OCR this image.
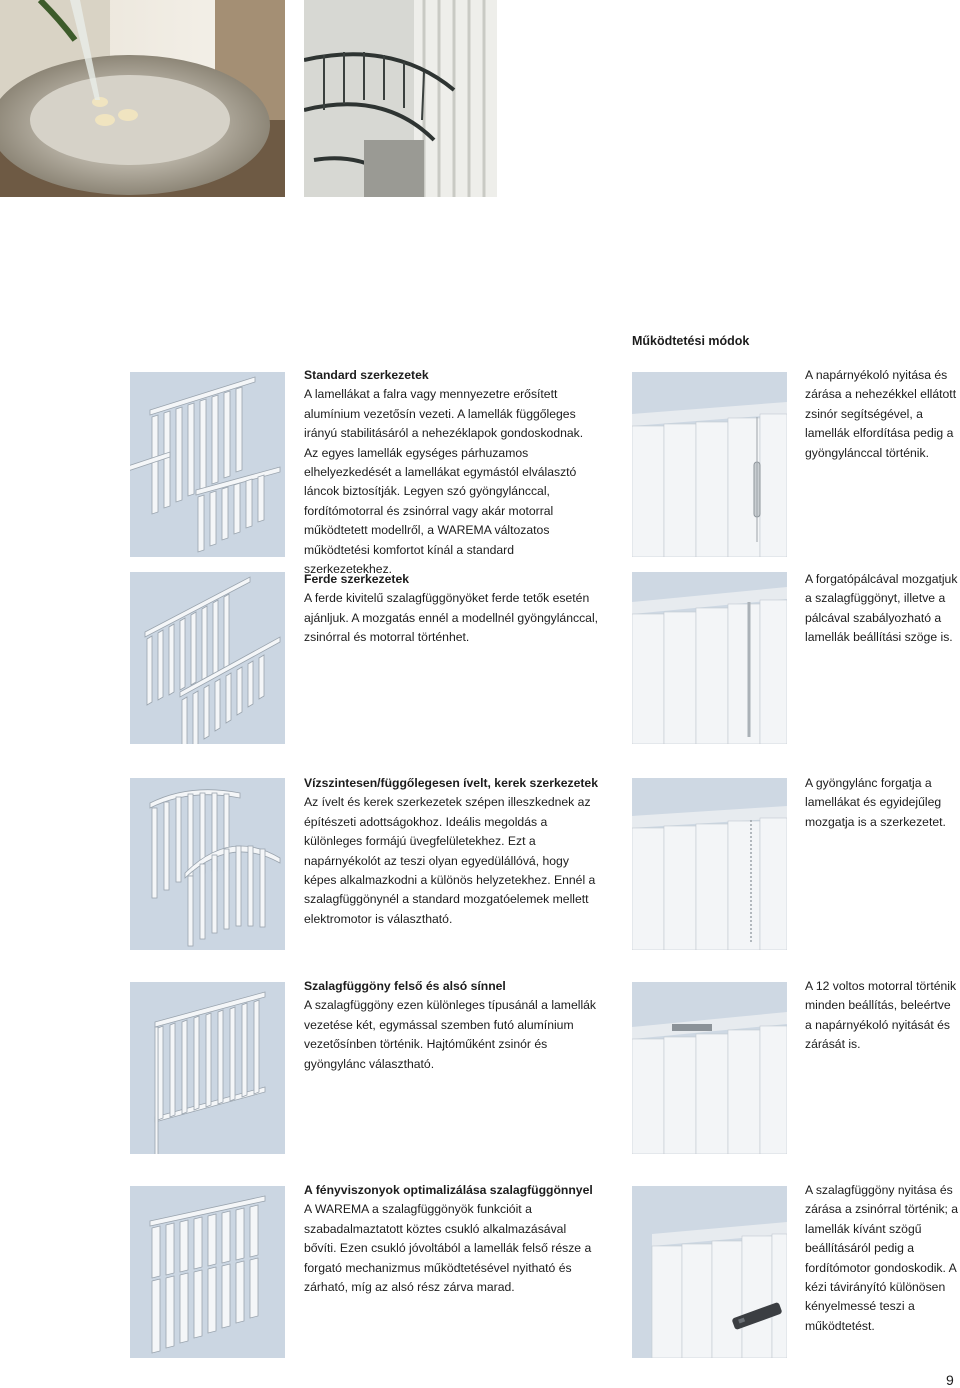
Működtetési módok
Standard szerkezetek

A lamellákat a falra vagy mennyezetre erősített alumínium vezetősín vezeti. A lamellák függőleges irányú stabilitásáról a nehezéklapok gondoskodnak. Az egyes lamellák egységes párhuzamos elhelyezkedését a lamellákat egymástól elválasztó láncok biztosítják. Legyen szó gyöngylánccal, fordítómotorral és zsinórral vagy akár motorral működtetett modellről, a WAREMA változatos működtetési komfortot kínál a standard szerkezetekhez.

A napárnyékoló nyitása és zárása a nehezékkel ellátott zsinór segítségével, a lamellák elfordítása pedig a gyöngylánccal történik.

Ferde szerkezetek

A ferde kivitelű szalagfüggönyöket ferde tetők esetén ajánljuk. A mozgatás ennél a modellnél gyöngylánccal, zsinórral és motorral történhet.

A forgatópálcával mozgatjuk a szalagfüggönyt, illetve a pálcával szabályozható a lamellák beállítási szöge is.

Vízszintesen/függőlegesen ívelt, kerek szerkezetek

Az ívelt és kerek szerkezetek szépen illeszkednek az építészeti adottságokhoz. Ideális megoldás a különleges formájú üvegfelületekhez. Ezt a napárnyékolót az teszi olyan egyedülállóvá, hogy képes alkalmazkodni a különös helyzetekhez. Ennél a szalagfüggönynél a standard mozgatóelemek mellett elektromotor is választható.

A gyöngylánc forgatja a lamellákat és egyidejűleg mozgatja is a szerkezetet.

Szalagfüggöny felső és alsó sínnel

A szalagfüggöny ezen különleges típusánál a lamellák vezetése két, egymással szemben futó alumínium vezetősínben történik. Hajtóműként zsinór és gyöngylánc választható.

A 12 voltos motorral történik minden beállítás, beleértve a napárnyékoló nyitását és zárását is.

A fényviszonyok optimalizálása szalagfüggönnyel

A WAREMA a szalagfüggönyök funkcióit a szabadalmaztatott köztes csukló alkalmazásával bővíti. Ezen csukló jóvoltából a lamellák felső része a forgató mechanizmus működtetésével nyitható és zárható, míg az alsó rész zárva marad.

A szalagfüggöny nyitása és zárása a zsinórral történik; a lamellák kívánt szögű beállításáról pedig a fordítómotor gondoskodik. A kézi távirányító különösen kényelmessé teszi a működtetést.

9
